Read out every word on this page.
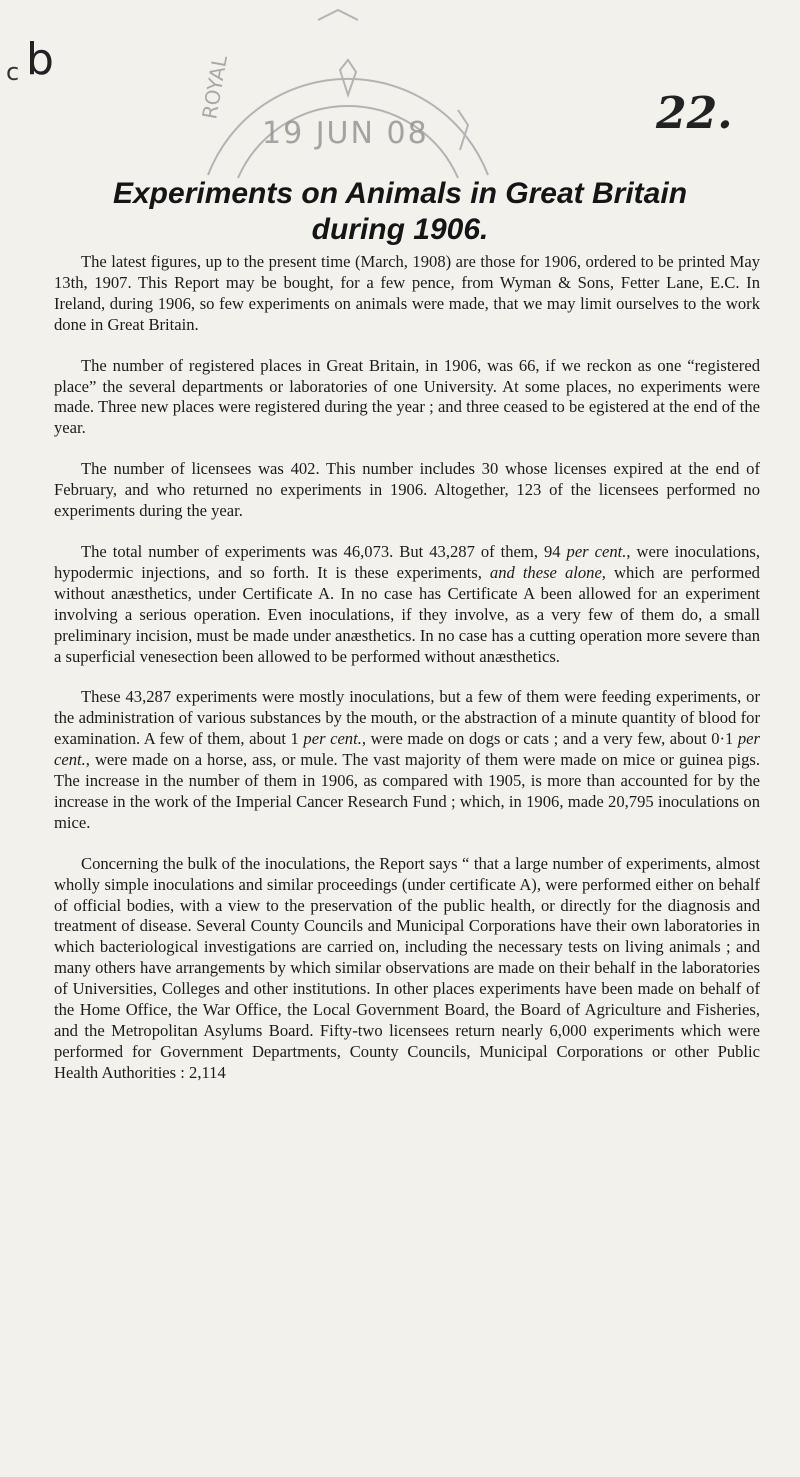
c b	ROYAL
19 JUN 08	22.
Experiments on Animals in Great Britain
during 1906.

The latest figures, up to the present time (March, 1908) are those for 1906, ordered to be printed May 13th, 1907. This Report may be bought, for a few pence, from Wyman & Sons, Fetter Lane, E.C. In Ireland, during 1906, so few experiments on animals were made, that we may limit ourselves to the work done in Great Britain.

The number of registered places in Great Britain, in 1906, was 66, if we reckon as one “registered place” the several departments or laboratories of one University. At some places, no experiments were made. Three new places were registered during the year ; and three ceased to be egistered at the end of the year.

The number of licensees was 402. This number includes 30 whose licenses expired at the end of February, and who returned no experiments in 1906. Altogether, 123 of the licensees performed no experiments during the year.

The total number of experiments was 46,073. But 43,287 of them, 94 per cent., were inoculations, hypodermic injections, and so forth. It is these experiments, and these alone, which are performed without anæsthetics, under Certificate A. In no case has Certificate A been allowed for an experiment involving a serious operation. Even inoculations, if they involve, as a very few of them do, a small preliminary incision, must be made under anæsthetics. In no case has a cutting operation more severe than a superficial venesection been allowed to be performed without anæsthetics.

These 43,287 experiments were mostly inoculations, but a few of them were feeding experiments, or the administration of various substances by the mouth, or the abstraction of a minute quantity of blood for examination. A few of them, about 1 per cent., were made on dogs or cats ; and a very few, about 0·1 per cent., were made on a horse, ass, or mule. The vast majority of them were made on mice or guinea pigs. The increase in the number of them in 1906, as compared with 1905, is more than accounted for by the increase in the work of the Imperial Cancer Research Fund ; which, in 1906, made 20,795 inoculations on mice.

Concerning the bulk of the inoculations, the Report says “ that a large number of experiments, almost wholly simple inoculations and similar proceedings (under certificate A), were performed either on behalf of official bodies, with a view to the preservation of the public health, or directly for the diagnosis and treatment of disease. Several County Councils and Municipal Corporations have their own laboratories in which bacteriological investigations are carried on, including the necessary tests on living animals ; and many others have arrangements by which similar observations are made on their behalf in the laboratories of Universities, Colleges and other institutions. In other places experiments have been made on behalf of the Home Office, the War Office, the Local Government Board, the Board of Agriculture and Fisheries, and the Metropolitan Asylums Board. Fifty-two licensees return nearly 6,000 experiments which were performed for Government Departments, County Councils, Municipal Corporations or other Public Health Authorities : 2,114
